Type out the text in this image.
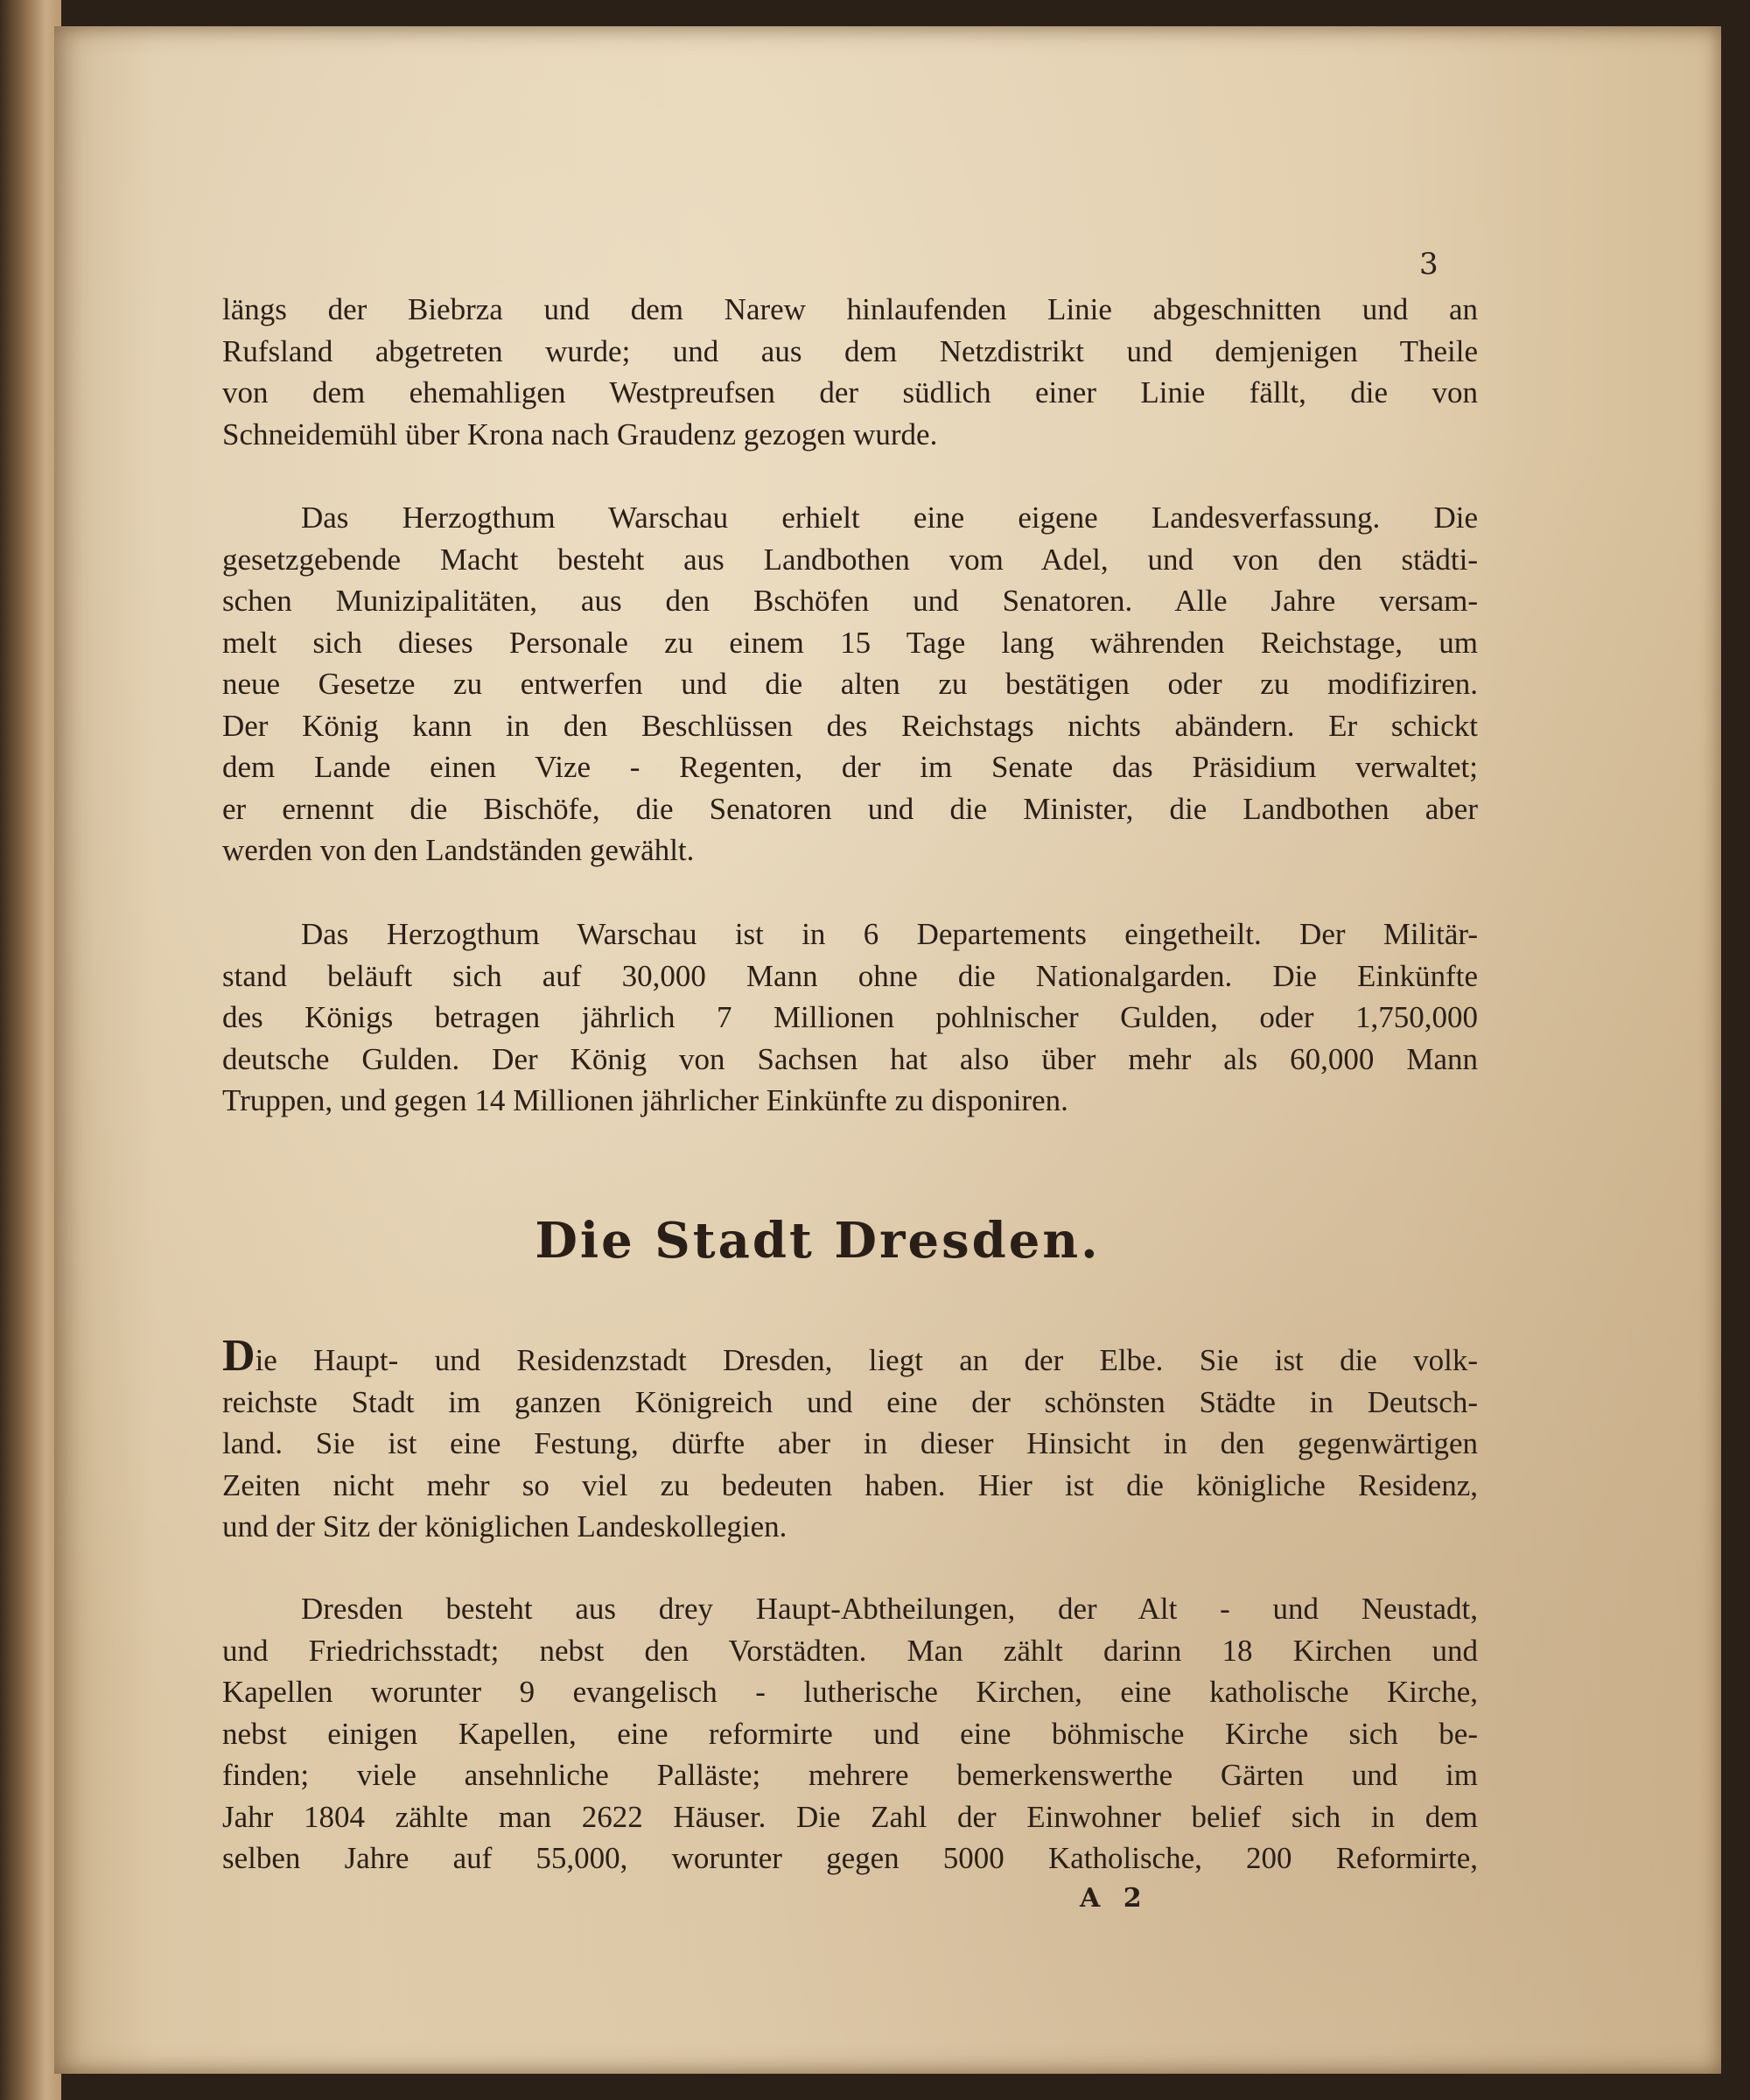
3
längs der Biebrza und dem Narew hinlaufenden Linie abgeschnitten und an
Rufsland abgetreten wurde; und aus dem Netzdistrikt und demjenigen Theile
von dem ehemahligen Westpreufsen der südlich einer Linie fällt, die von
Schneidemühl über Krona nach Graudenz gezogen wurde.
Das Herzogthum Warschau erhielt eine eigene Landesverfassung. Die
gesetzgebende Macht besteht aus Landbothen vom Adel, und von den städti-
schen Munizipalitäten, aus den Bschöfen und Senatoren. Alle Jahre versam-
melt sich dieses Personale zu einem 15 Tage lang währenden Reichstage, um
neue Gesetze zu entwerfen und die alten zu bestätigen oder zu modifiziren.
Der König kann in den Beschlüssen des Reichstags nichts abändern. Er schickt
dem Lande einen Vize - Regenten, der im Senate das Präsidium verwaltet;
er ernennt die Bischöfe, die Senatoren und die Minister, die Landbothen aber
werden von den Landständen gewählt.
Das Herzogthum Warschau ist in 6 Departements eingetheilt. Der Militär-
stand beläuft sich auf 30,000 Mann ohne die Nationalgarden. Die Einkünfte
des Königs betragen jährlich 7 Millionen pohlnischer Gulden, oder 1,750,000
deutsche Gulden. Der König von Sachsen hat also über mehr als 60,000 Mann
Truppen, und gegen 14 Millionen jährlicher Einkünfte zu disponiren.
Die Stadt Dresden.
Die Haupt- und Residenzstadt Dresden, liegt an der Elbe. Sie ist die volk-
reichste Stadt im ganzen Königreich und eine der schönsten Städte in Deutsch-
land. Sie ist eine Festung, dürfte aber in dieser Hinsicht in den gegenwärtigen
Zeiten nicht mehr so viel zu bedeuten haben. Hier ist die königliche Residenz,
und der Sitz der königlichen Landeskollegien.
Dresden besteht aus drey Haupt-Abtheilungen, der Alt - und Neustadt,
und Friedrichsstadt; nebst den Vorstädten. Man zählt darinn 18 Kirchen und
Kapellen worunter 9 evangelisch - lutherische Kirchen, eine katholische Kirche,
nebst einigen Kapellen, eine reformirte und eine böhmische Kirche sich be-
finden; viele ansehnliche Palläste; mehrere bemerkenswerthe Gärten und im
Jahr 1804 zählte man 2622 Häuser. Die Zahl der Einwohner belief sich in dem
selben Jahre auf 55,000, worunter gegen 5000 Katholische, 200 Reformirte,
A 2
